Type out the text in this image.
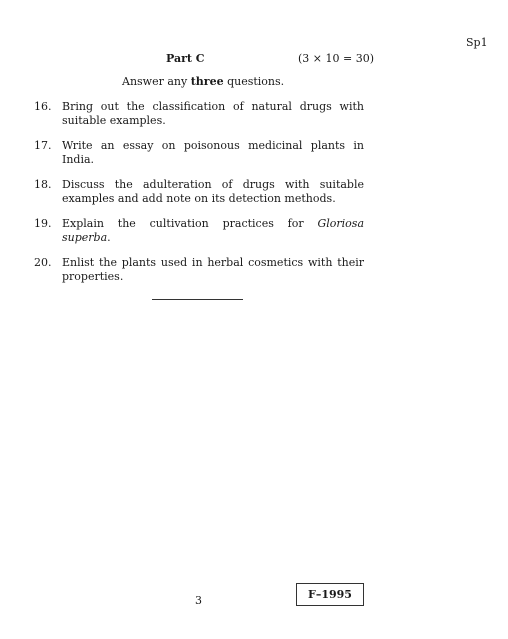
Sp1
Part C	(3 × 10 = 30)
Answer any three questions.
16. Bring out the classification of natural drugs with suitable examples.
17. Write an essay on poisonous medicinal plants in India.
18. Discuss the adulteration of drugs with suitable examples and add note on its detection methods.
19. Explain the cultivation practices for Gloriosa superba.
20. Enlist the plants used in herbal cosmetics with their properties.
3	F–1995
